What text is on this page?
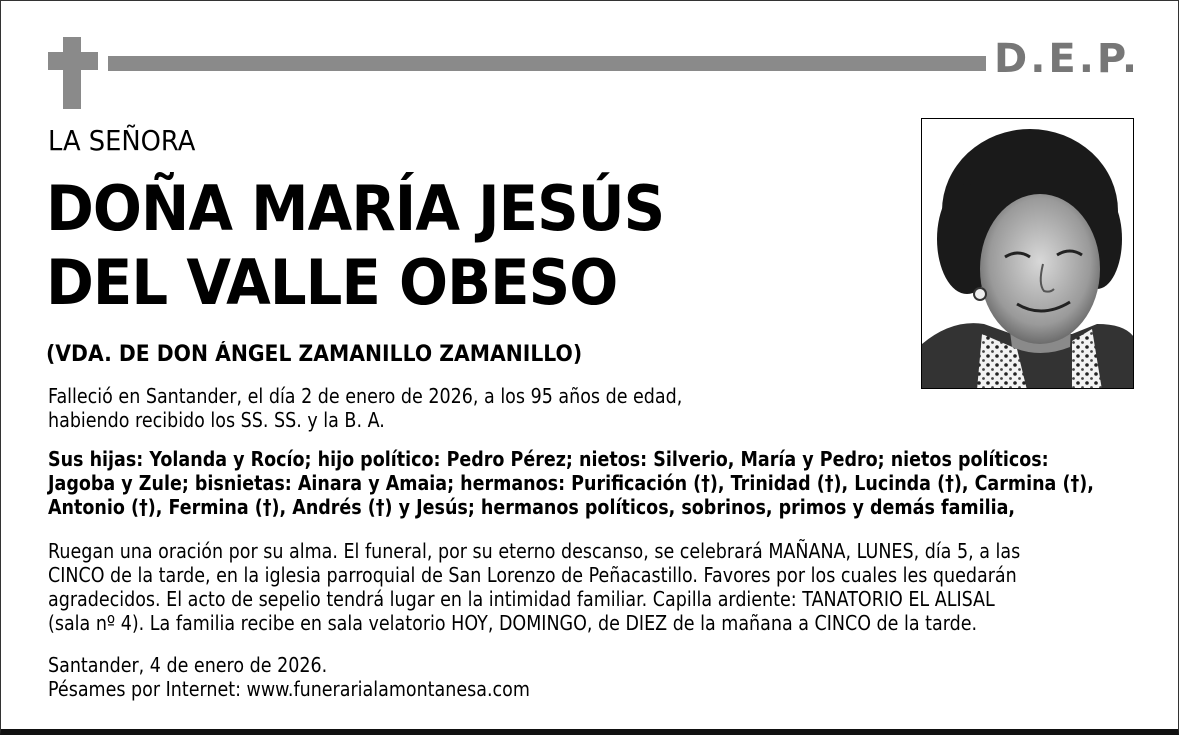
D.E.P.
LA SEÑORA
DOÑA MARÍA JESÚS
DEL VALLE OBESO
(VDA. DE DON ÁNGEL ZAMANILLO ZAMANILLO)
Falleció en Santander, el día 2 de enero de 2026, a los 95 años de edad,
habiendo recibido los SS. SS. y la B. A.
Sus hijas: Yolanda y Rocío; hijo político: Pedro Pérez; nietos: Silverio, María y Pedro; nietos políticos:
Jagoba y Zule; bisnietas: Ainara y Amaia; hermanos: Purificación (†), Trinidad (†), Lucinda (†), Carmina (†),
Antonio (†), Fermina (†), Andrés (†) y Jesús; hermanos políticos, sobrinos, primos y demás familia,
Ruegan una oración por su alma. El funeral, por su eterno descanso, se celebrará MAÑANA, LUNES, día 5, a las
CINCO de la tarde, en la iglesia parroquial de San Lorenzo de Peñacastillo. Favores por los cuales les quedarán
agradecidos. El acto de sepelio tendrá lugar en la intimidad familiar. Capilla ardiente: TANATORIO EL ALISAL
(sala nº 4). La familia recibe en sala velatorio HOY, DOMINGO, de DIEZ de la mañana a CINCO de la tarde.
Santander, 4 de enero de 2026.
Pésames por Internet: www.funerarialamontanesa.com
